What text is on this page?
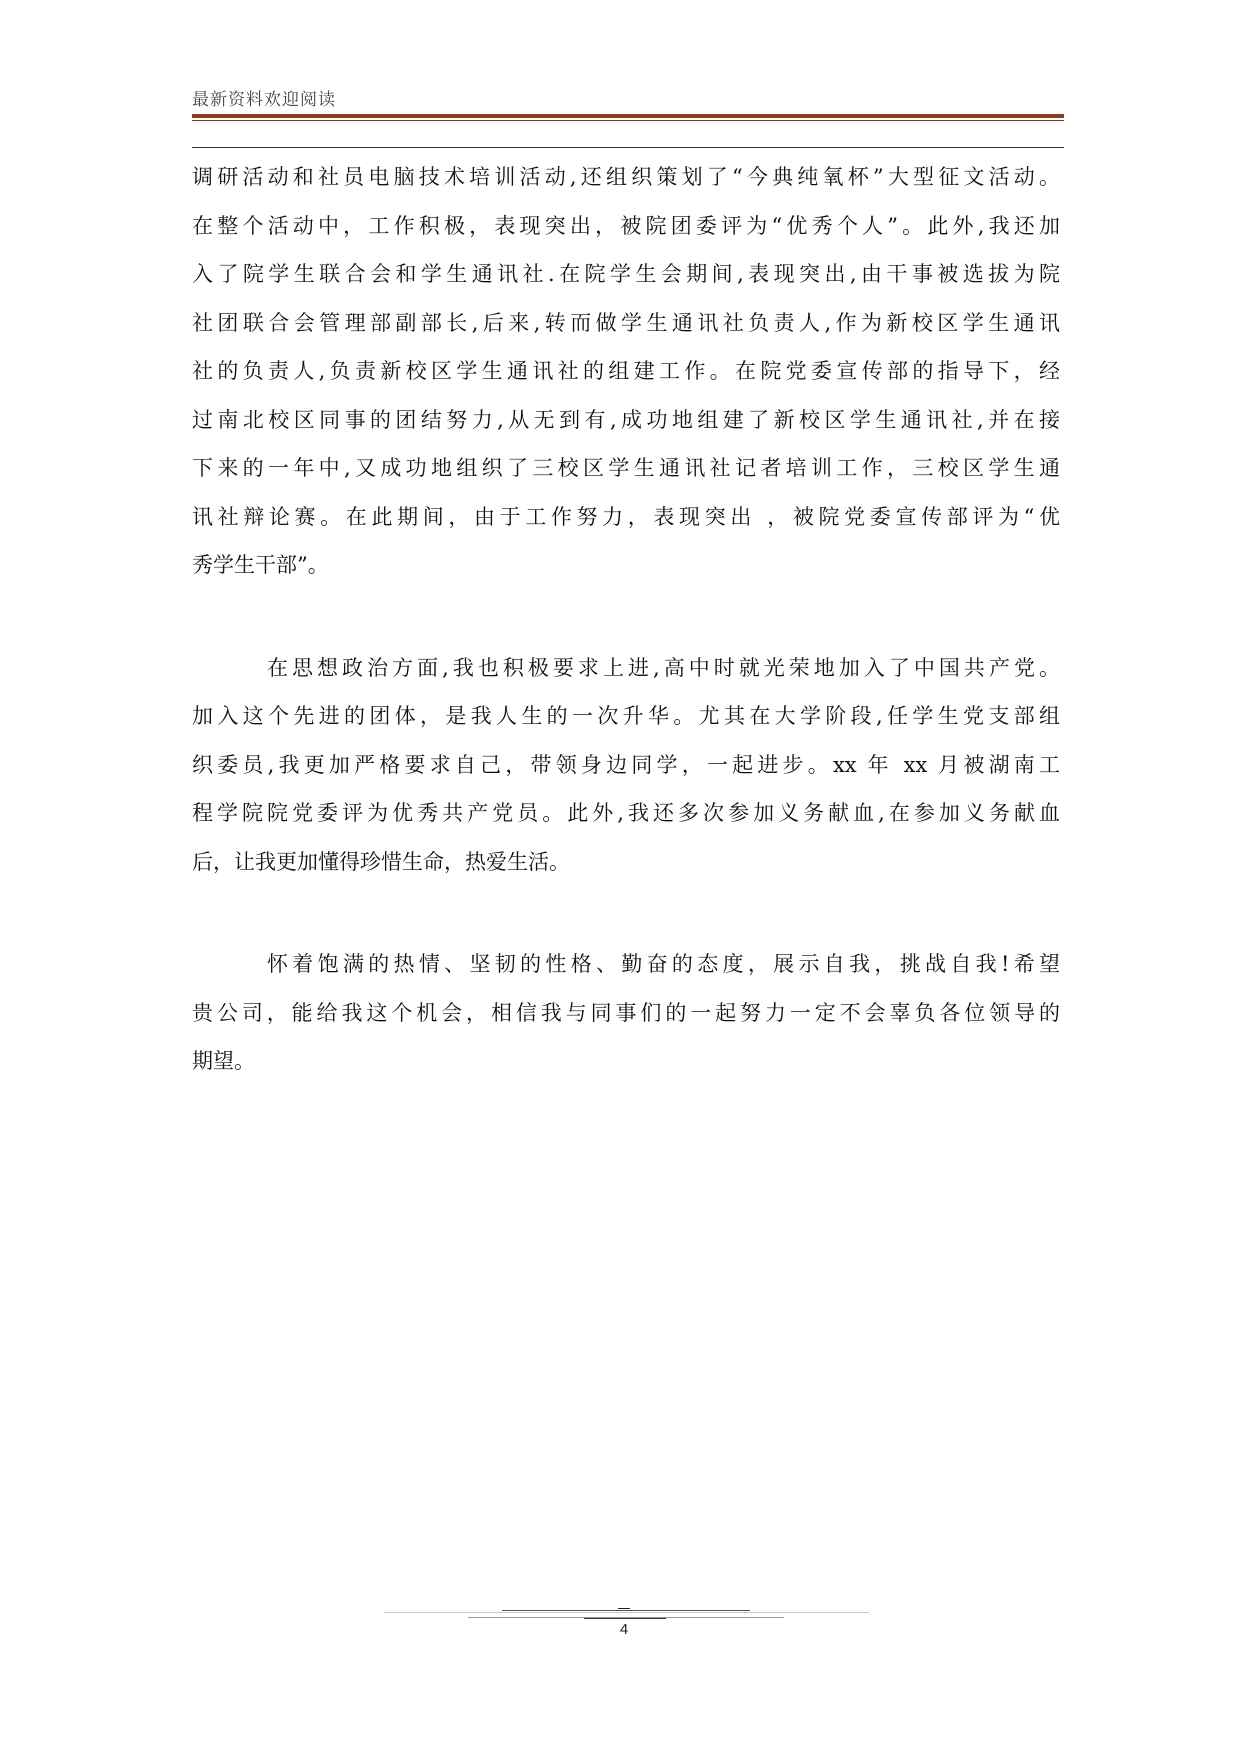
最新资料欢迎阅读
调研活动和社员电脑技术培训活动,还组织策划了“今典纯氧杯”大型征文活动。
在整个活动中，工作积极，表现突出，被院团委评为“优秀个人”。此外,我还加
入了院学生联合会和学生通讯社.在院学生会期间,表现突出,由干事被选拔为院
社团联合会管理部副部长,后来,转而做学生通讯社负责人,作为新校区学生通讯
社的负责人,负责新校区学生通讯社的组建工作。在院党委宣传部的指导下，经
过南北校区同事的团结努力,从无到有,成功地组建了新校区学生通讯社,并在接
下来的一年中,又成功地组织了三校区学生通讯社记者培训工作，三校区学生通
讯社辩论赛。在此期间，由于工作努力，表现突出 ，被院党委宣传部评为“优
秀学生干部”。
在思想政治方面,我也积极要求上进,高中时就光荣地加入了中国共产党。
加入这个先进的团体，是我人生的一次升华。尤其在大学阶段,任学生党支部组
织委员,我更加严格要求自己，带领身边同学，一起进步。xx 年 xx 月被湖南工
程学院院党委评为优秀共产党员。此外,我还多次参加义务献血,在参加义务献血
后，让我更加懂得珍惜生命，热爱生活。
怀着饱满的热情、坚韧的性格、勤奋的态度，展示自我，挑战自我!希望
贵公司，能给我这个机会，相信我与同事们的一起努力一定不会辜负各位领导的
期望。
4
